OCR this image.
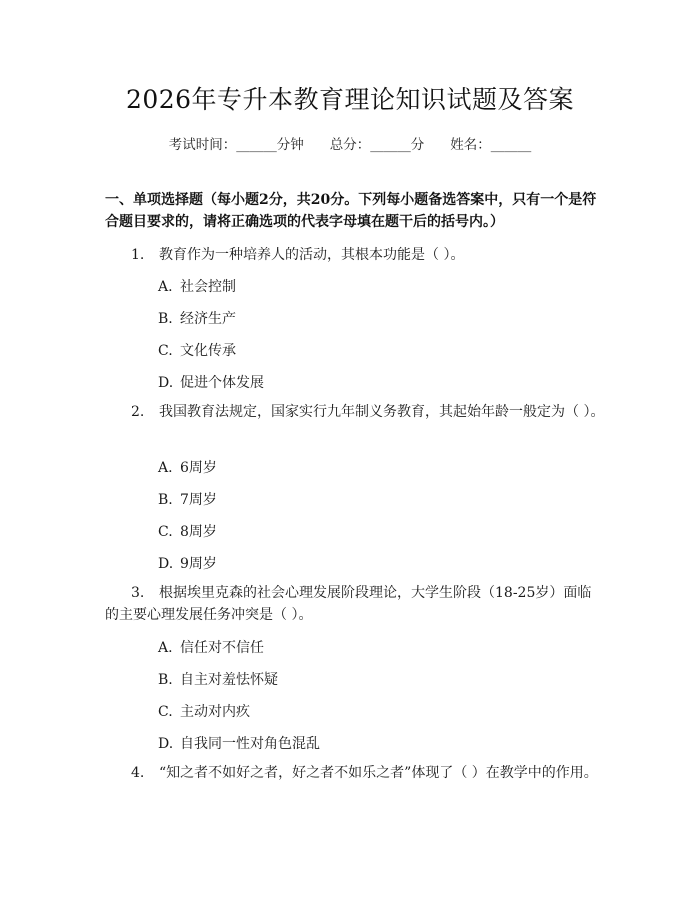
2026年专升本教育理论知识试题及答案
考试时间：______分钟 总分：______分 姓名：______
一、单项选择题（每小题2分，共20分。下列每小题备选答案中，只有一个是符合题目要求的，请将正确选项的代表字母填在题干后的括号内。）
1. 教育作为一种培养人的活动，其根本功能是（ ）。
A. 社会控制
B. 经济生产
C. 文化传承
D. 促进个体发展
2. 我国教育法规定，国家实行九年制义务教育，其起始年龄一般定为（ ）。
A. 6周岁
B. 7周岁
C. 8周岁
D. 9周岁
3. 根据埃里克森的社会心理发展阶段理论，大学生阶段（18-25岁）面临的主要心理发展任务冲突是（ ）。
A. 信任对不信任
B. 自主对羞怯怀疑
C. 主动对内疚
D. 自我同一性对角色混乱
4. “知之者不如好之者，好之者不如乐之者”体现了（ ）在教学中的作用。
